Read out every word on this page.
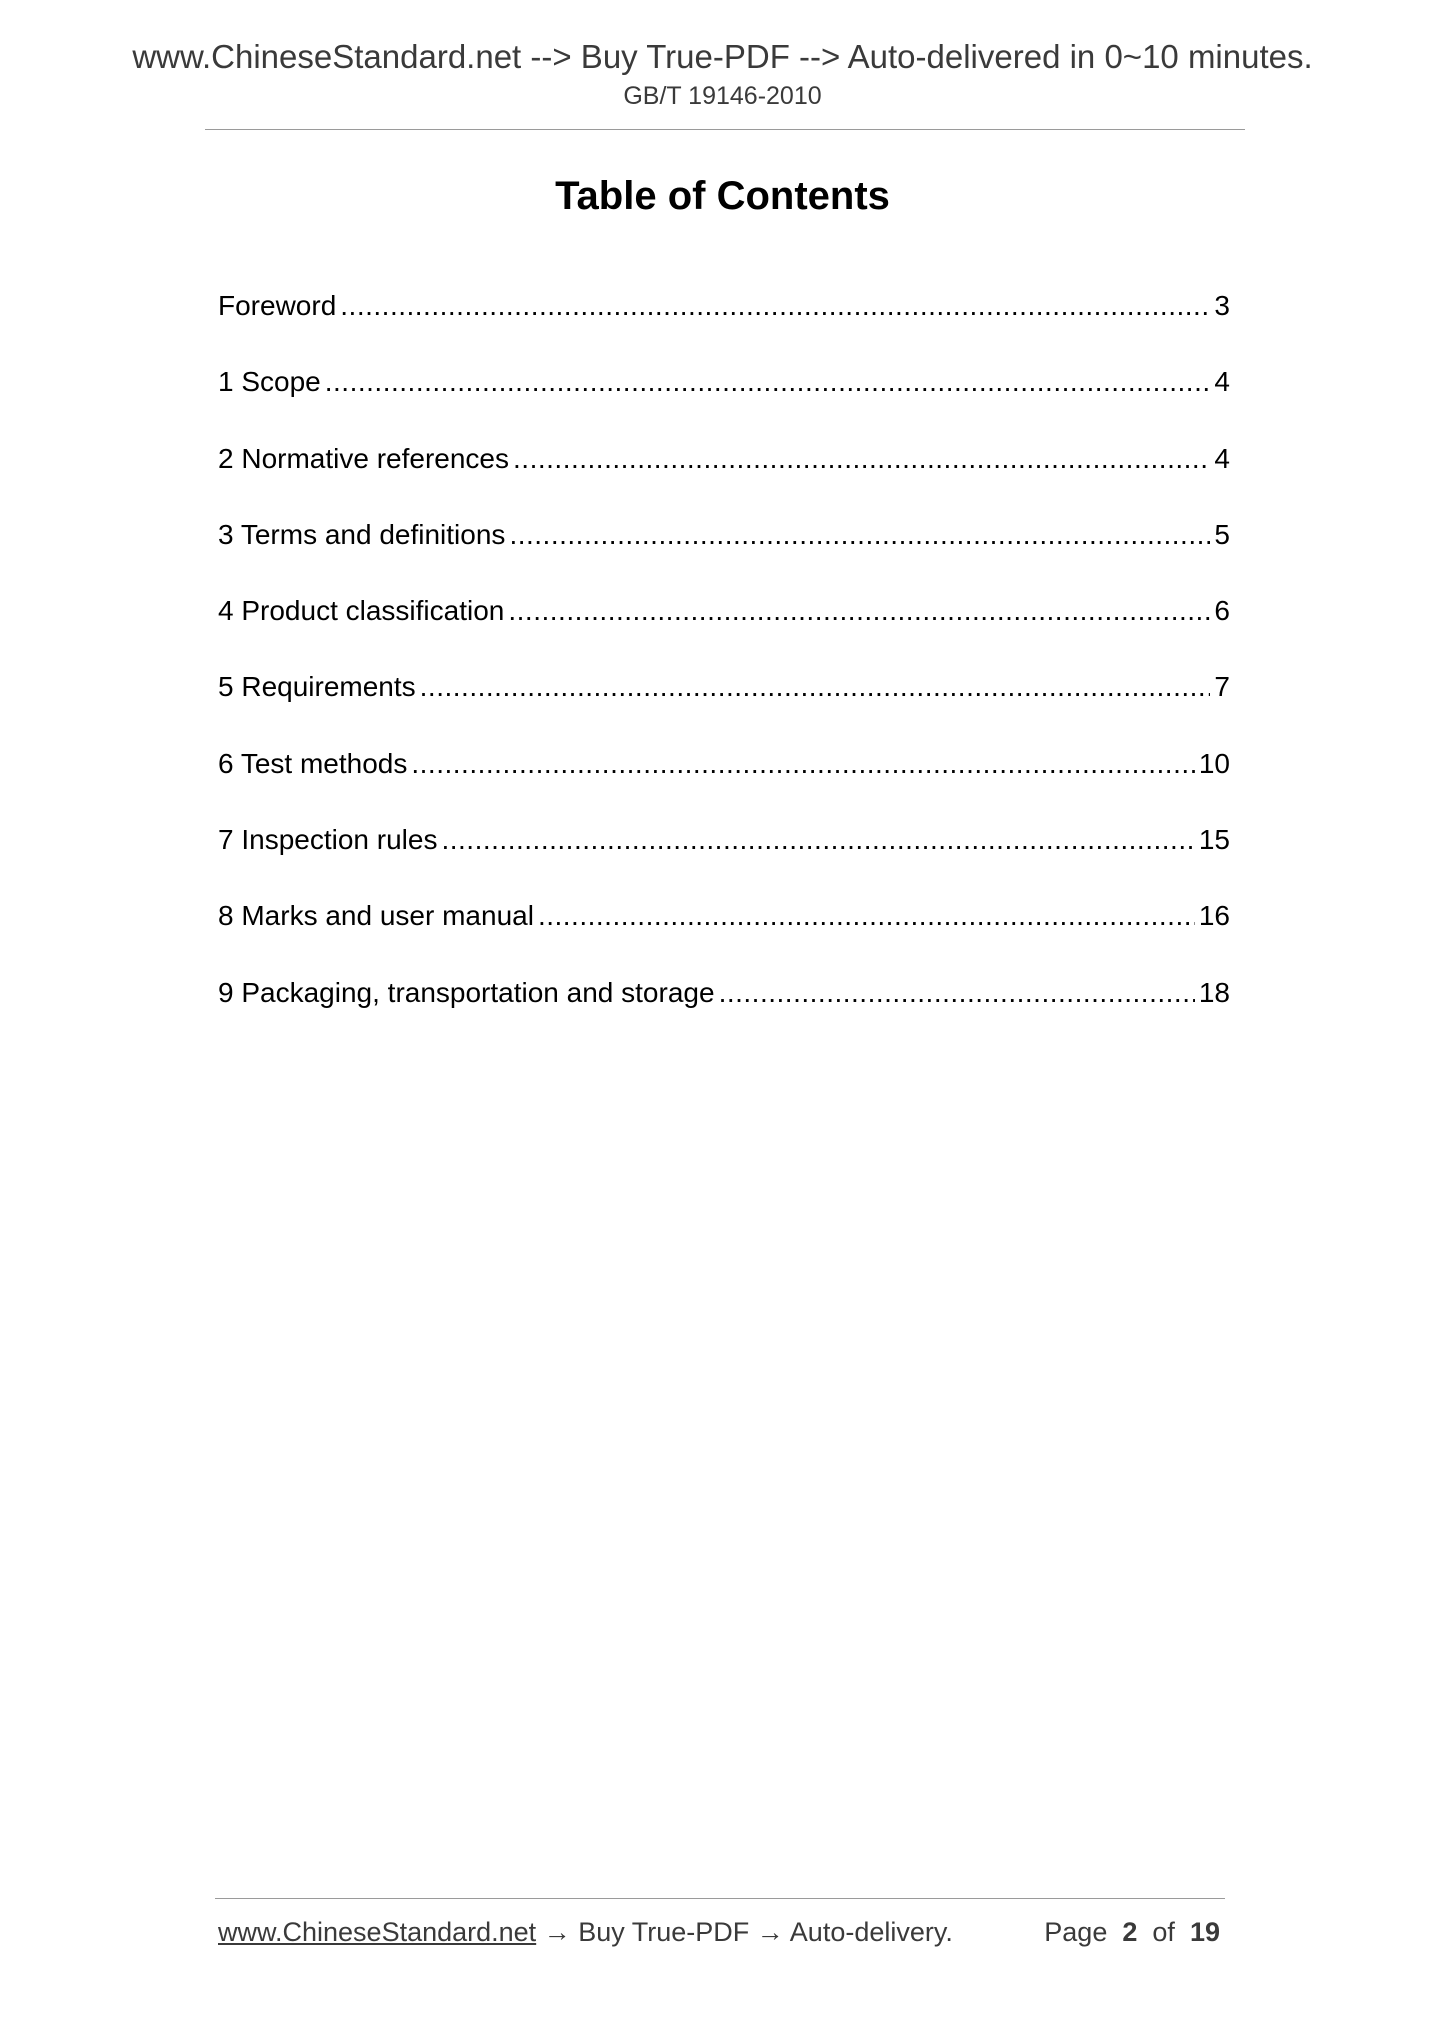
www.ChineseStandard.net --> Buy True-PDF --> Auto-delivered in 0~10 minutes.
GB/T 19146-2010
Table of Contents
Foreword .....	3
1 Scope .....	4
2 Normative references .....	4
3 Terms and definitions .....	5
4 Product classification .....	6
5 Requirements .....	7
6 Test methods .....	10
7 Inspection rules .....	15
8 Marks and user manual .....	16
9 Packaging, transportation and storage .....	18
www.ChineseStandard.net → Buy True-PDF → Auto-delivery.	Page 2 of 19
